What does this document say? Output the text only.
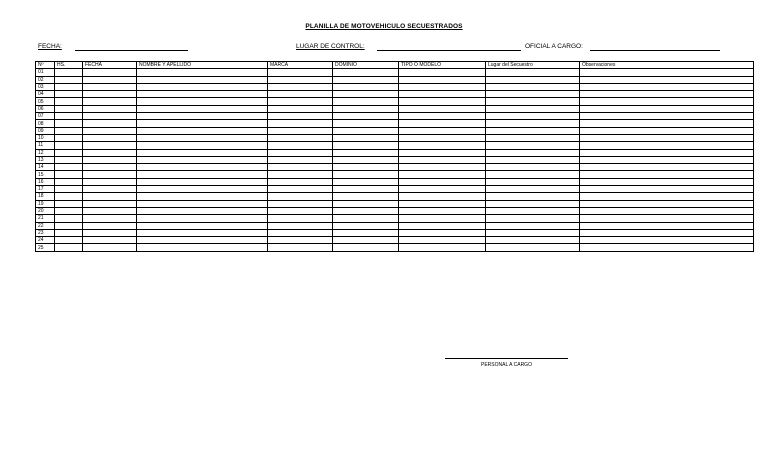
PLANILLA DE MOTOVEHICULO SECUESTRADOS
FECHA:	LUGAR DE CONTROL:	OFICIAL A CARGO:
Nº	HS.	FECHA	NOMBRE Y APELLIDO	MARCA	DOMINIO	TIPO O MODELO	Lugar del Secuestro	Observaciones
01								
02								
03								
04								
05								
06								
07								
08								
09								
10								
11								
12								
13								
14								
15								
16								
17								
18								
19								
20								
21								
22								
23								
24								
25								
PERSONAL A CARGO
